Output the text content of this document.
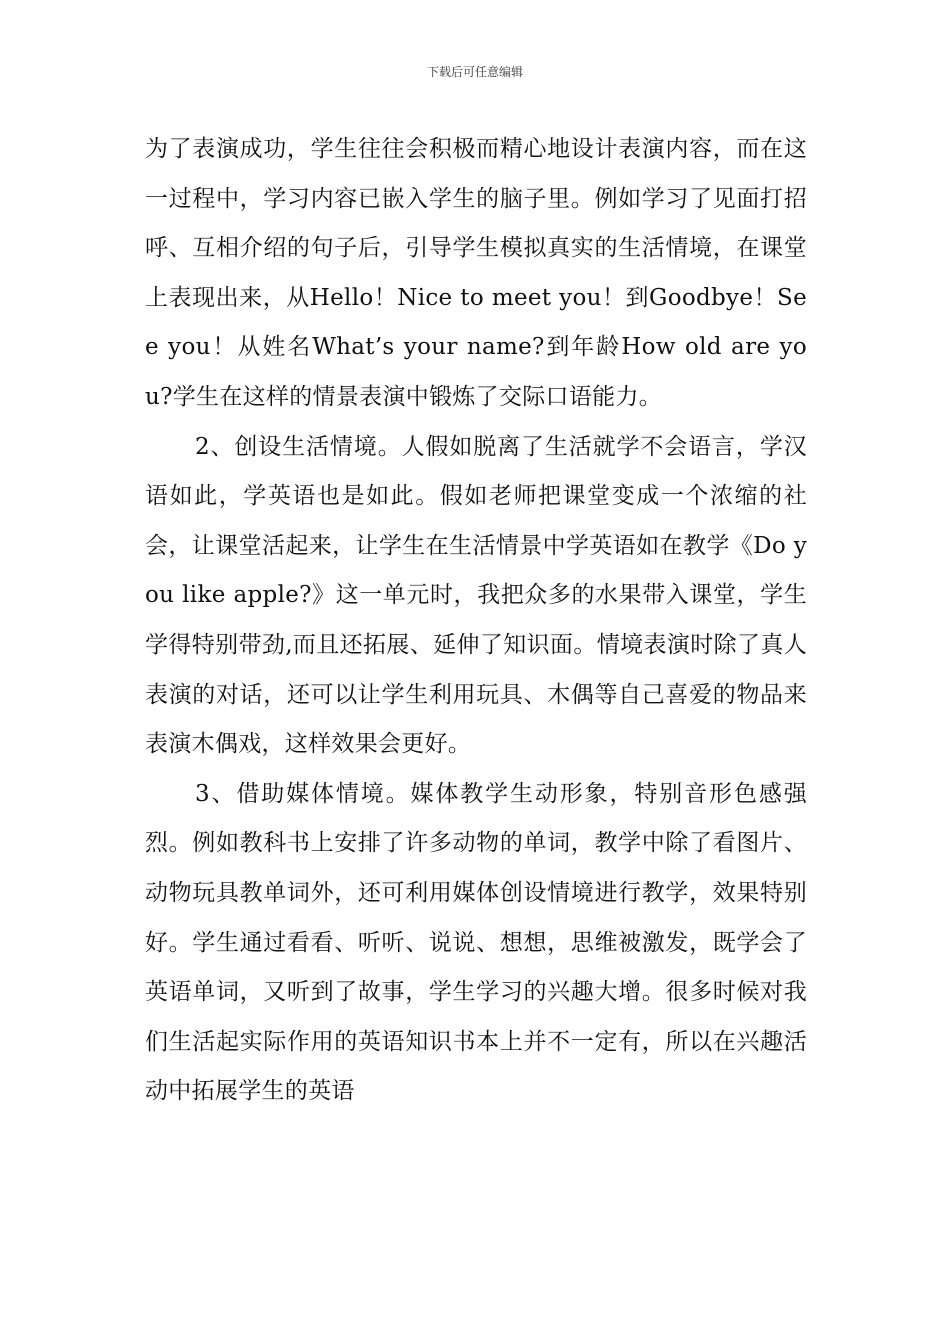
下载后可任意编辑

为了表演成功，学生往往会积极而精心地设计表演内容，而在这一过程中，学习内容已嵌入学生的脑子里。例如学习了见面打招呼、互相介绍的句子后，引导学生模拟真实的生活情境，在课堂上表现出来，从Hello！Nice to meet you！到Goodbye！See you！从姓名What’s your name?到年龄How old are you?学生在这样的情景表演中锻炼了交际口语能力。

2、创设生活情境。人假如脱离了生活就学不会语言，学汉语如此，学英语也是如此。假如老师把课堂变成一个浓缩的社会，让课堂活起来，让学生在生活情景中学英语如在教学《Do you like apple?》这一单元时，我把众多的水果带入课堂，学生学得特别带劲,而且还拓展、延伸了知识面。情境表演时除了真人表演的对话，还可以让学生利用玩具、木偶等自己喜爱的物品来表演木偶戏，这样效果会更好。

3、借助媒体情境。媒体教学生动形象，特别音形色感强烈。例如教科书上安排了许多动物的单词，教学中除了看图片、动物玩具教单词外，还可利用媒体创设情境进行教学，效果特别好。学生通过看看、听听、说说、想想，思维被激发，既学会了英语单词，又听到了故事，学生学习的兴趣大增。很多时候对我们生活起实际作用的英语知识书本上并不一定有，所以在兴趣活动中拓展学生的英语
